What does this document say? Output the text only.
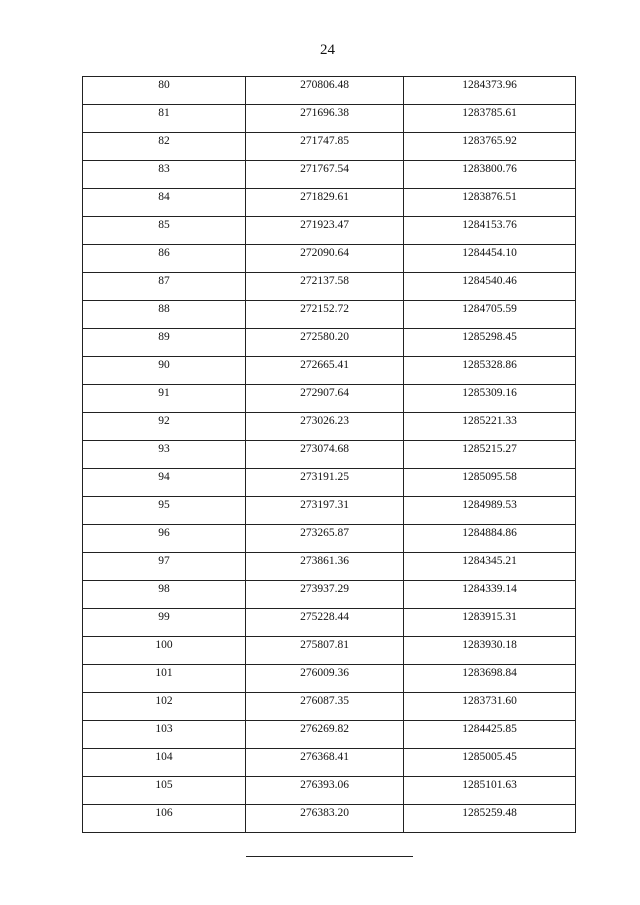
24
80	270806.48	1284373.96
81	271696.38	1283785.61
82	271747.85	1283765.92
83	271767.54	1283800.76
84	271829.61	1283876.51
85	271923.47	1284153.76
86	272090.64	1284454.10
87	272137.58	1284540.46
88	272152.72	1284705.59
89	272580.20	1285298.45
90	272665.41	1285328.86
91	272907.64	1285309.16
92	273026.23	1285221.33
93	273074.68	1285215.27
94	273191.25	1285095.58
95	273197.31	1284989.53
96	273265.87	1284884.86
97	273861.36	1284345.21
98	273937.29	1284339.14
99	275228.44	1283915.31
100	275807.81	1283930.18
101	276009.36	1283698.84
102	276087.35	1283731.60
103	276269.82	1284425.85
104	276368.41	1285005.45
105	276393.06	1285101.63
106	276383.20	1285259.48
